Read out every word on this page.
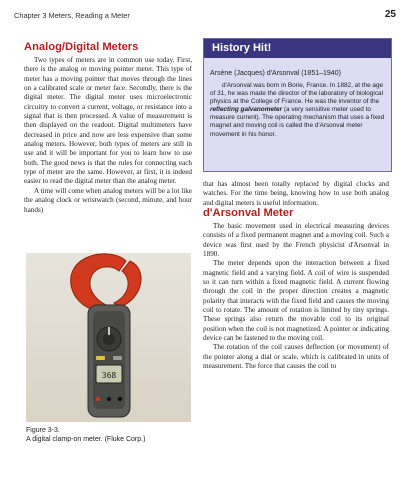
Chapter 3 Meters, Reading a Meter	25
Analog/Digital Meters

Two types of meters are in common use today. First, there is the analog or moving pointer meter. This type of meter has a moving pointer that moves through the lines on a calibrated scale or meter face. Secondly, there is the digital meter. The digital meter uses microelectronic circuitry to convert a current, voltage, or resistance into a signal that is then processed. A value of measurement is then displayed on the readout. Digital multimeters have decreased in price and now are less expensive than some analog meters. However, both types of meters are still in use and it will be important for you to learn how to use both. The good news is that the rules for connecting each type of meter are the same. However, at first, it is indeed easier to read the digital meter than the analog meter.

A time will come when analog meters will be a lot like the analog clock or wristwatch (second, minute, and hour hands)

368
Figure 3-3.
A digital clamp-on meter. (Fluke Corp.)
History Hit!
Arsène (Jacques) d'Arsonval (1851–1940)
d'Arsonval was born in Borie, France. In 1882, at the age of 31, he was made the director of the laboratory of biological physics at the College of France. He was the inventor of the reflecting galvanometer (a very sensitive meter used to measure current). The operating mechanism that uses a fixed magnet and moving coil is called the d'Arsonval meter movement in his honor.

that has almost been totally replaced by digital clocks and watches. For the time being, knowing how to use both analog and digital meters is useful information.

d'Arsonval Meter

The basic movement used in electrical measuring devices consists of a fixed permanent magnet and a moving coil. Such a device was first used by the French physicist d'Arsonval in 1890.

The meter depends upon the interaction between a fixed magnetic field and a varying field. A coil of wire is suspended so it can turn within a fixed magnetic field. A current flowing through the coil in the proper direction creates a magnetic polarity that interacts with the fixed field and causes the moving coil to rotate. The amount of rotation is limited by tiny springs. These springs also return the movable coil to its original position when the coil is not magnetized. A pointer or indicating device can be fastened to the moving coil.

The rotation of the coil causes deflection (or movement) of the pointer along a dial or scale, which is calibrated in units of measurement. The force that causes the coil to
